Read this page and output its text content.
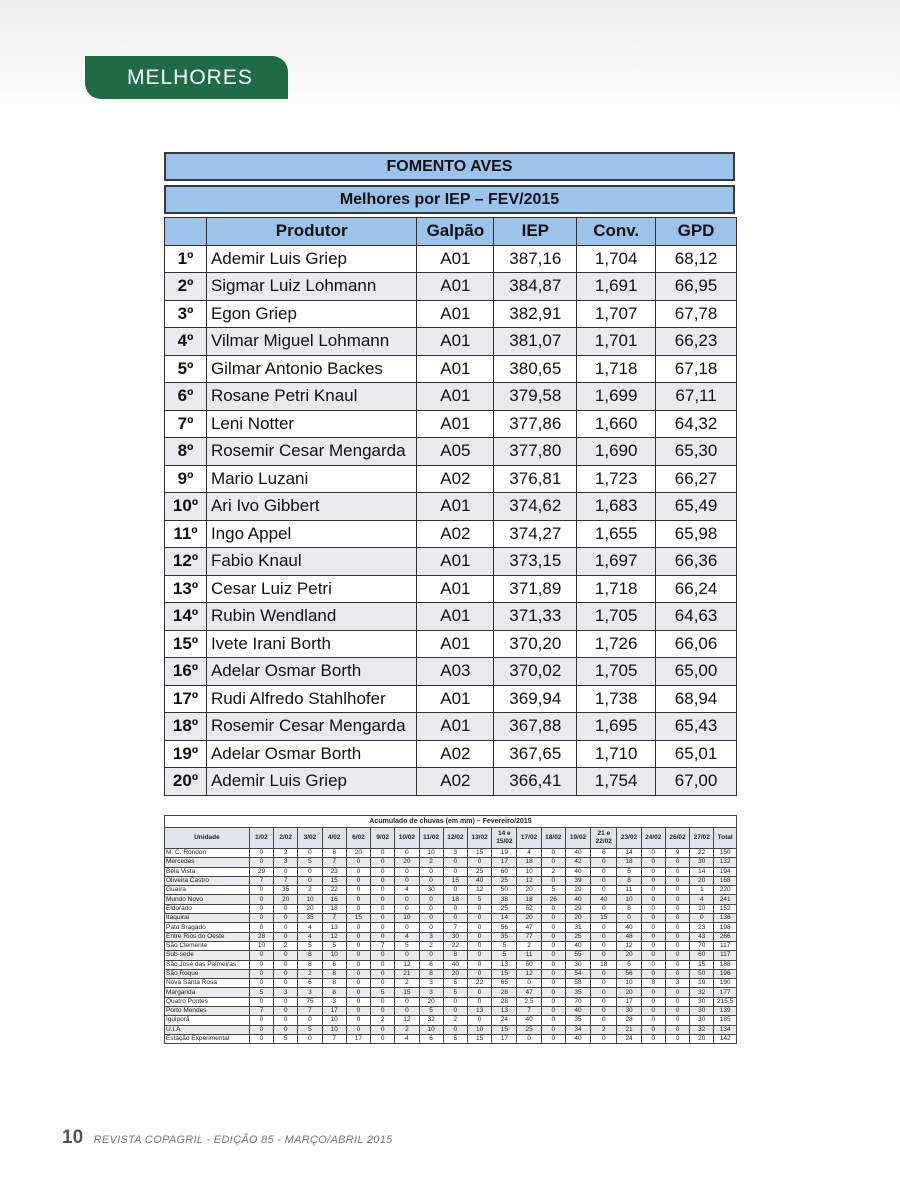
MELHORES
FOMENTO AVES
Melhores por IEP – FEV/2015
	Produtor	Galpão	IEP	Conv.	GPD
1º	Ademir Luis Griep	A01	387,16	1,704	68,12
2º	Sigmar Luiz Lohmann	A01	384,87	1,691	66,95
3º	Egon Griep	A01	382,91	1,707	67,78
4º	Vilmar Miguel Lohmann	A01	381,07	1,701	66,23
5º	Gilmar Antonio Backes	A01	380,65	1,718	67,18
6º	Rosane Petri Knaul	A01	379,58	1,699	67,11
7º	Leni Notter	A01	377,86	1,660	64,32
8º	Rosemir Cesar Mengarda	A05	377,80	1,690	65,30
9º	Mario Luzani	A02	376,81	1,723	66,27
10º	Ari Ivo Gibbert	A01	374,62	1,683	65,49
11º	Ingo Appel	A02	374,27	1,655	65,98
12º	Fabio Knaul	A01	373,15	1,697	66,36
13º	Cesar Luiz Petri	A01	371,89	1,718	66,24
14º	Rubin Wendland	A01	371,33	1,705	64,63
15º	Ivete Irani Borth	A01	370,20	1,726	66,06
16º	Adelar Osmar Borth	A03	370,02	1,705	65,00
17º	Rudi Alfredo Stahlhofer	A01	369,94	1,738	68,94
18º	Rosemir Cesar Mengarda	A01	367,88	1,695	65,43
19º	Adelar Osmar Borth	A02	367,65	1,710	65,01
20º	Ademir Luis Griep	A02	366,41	1,754	67,00
Acumulado de chuvas (em mm) – Fevereiro/2015																				
Unidade	1/02	2/02	3/02	4/02	6/02	9/02	10/02	11/02	12/02	13/02	14 e 15/02	17/02	18/02	19/02	21 e 22/02	23/02	24/02	26/02	27/02	Total
M. C. Rondon	0	2	0	8	20	0	0	10	3	15	19	4	0	40	6	14	0	9	22	150
Mercedes	0	3	5	7	0	0	20	2	0	0	17	18	0	42	0	18	0	0	30	132
Bela Vista	29	0	0	23	0	0	0	0	0	25	60	10	2	40	0	5	0	0	14	194
Oliveira Castro	7	7	0	15	0	0	0	0	15	40	25	12	0	39	0	8	0	0	20	168
Guaíra	0	35	2	22	0	0	4	30	0	12	50	20	5	29	0	11	0	0	1	220
Mundo Novo	0	20	10	16	0	0	0	0	18	5	38	18	26	40	40	10	0	0	4	241
Eldorado	0	0	20	18	0	0	0	0	0	0	25	52	0	29	0	8	0	0	10	152
Itaquiraí	0	0	35	7	15	0	10	0	0	0	14	20	0	20	15	0	0	0	0	136
Pato Bragado	0	0	4	13	0	0	0	0	7	0	56	47	0	31	0	40	0	0	23	198
Entre Rios do Oeste	28	0	4	12	0	0	4	3	30	0	35	77	0	25	0	48	0	0	43	266
São Clemente	10	2	5	5	0	7	5	2	22	0	5	2	0	40	0	12	0	0	70	117
Sub-sede	0	0	8	10	0	0	0	0	8	0	5	11	0	55	0	20	0	0	60	117
São José das Palmeiras	0	0	8	6	0	0	12	6	40	0	13	50	0	30	18	5	0	0	15	188
São Roque	0	0	2	8	0	0	21	8	20	0	15	12	0	54	0	56	0	0	50	196
Nova Santa Rosa	0	0	6	8	0	0	2	3	5	22	65	0	0	58	0	10	8	3	19	190
Margarida	5	3	3	8	0	5	15	3	5	0	28	47	0	35	0	20	0	0	32	177
Quatro Pontes	0	0	75	3	0	0	0	20	0	0	28	2,5	0	70	0	17	0	0	30	215,5
Porto Mendes	7	0	7	17	0	0	0	5	0	13	13	7	0	40	0	30	0	0	30	139
Iguiporã	0	0	0	10	0	2	12	32	2	0	24	40	0	35	0	28	0	0	30	185
U.I.A	0	0	5	10	0	0	2	10	0	10	15	25	0	34	2	21	0	0	32	134
Estação Experimental	0	5	0	7	17	0	4	6	5	15	17	0	0	40	0	24	0	0	20	142
10 REVISTA COPAGRIL - EDIÇÃO 85 - MARÇO/ABRIL 2015
